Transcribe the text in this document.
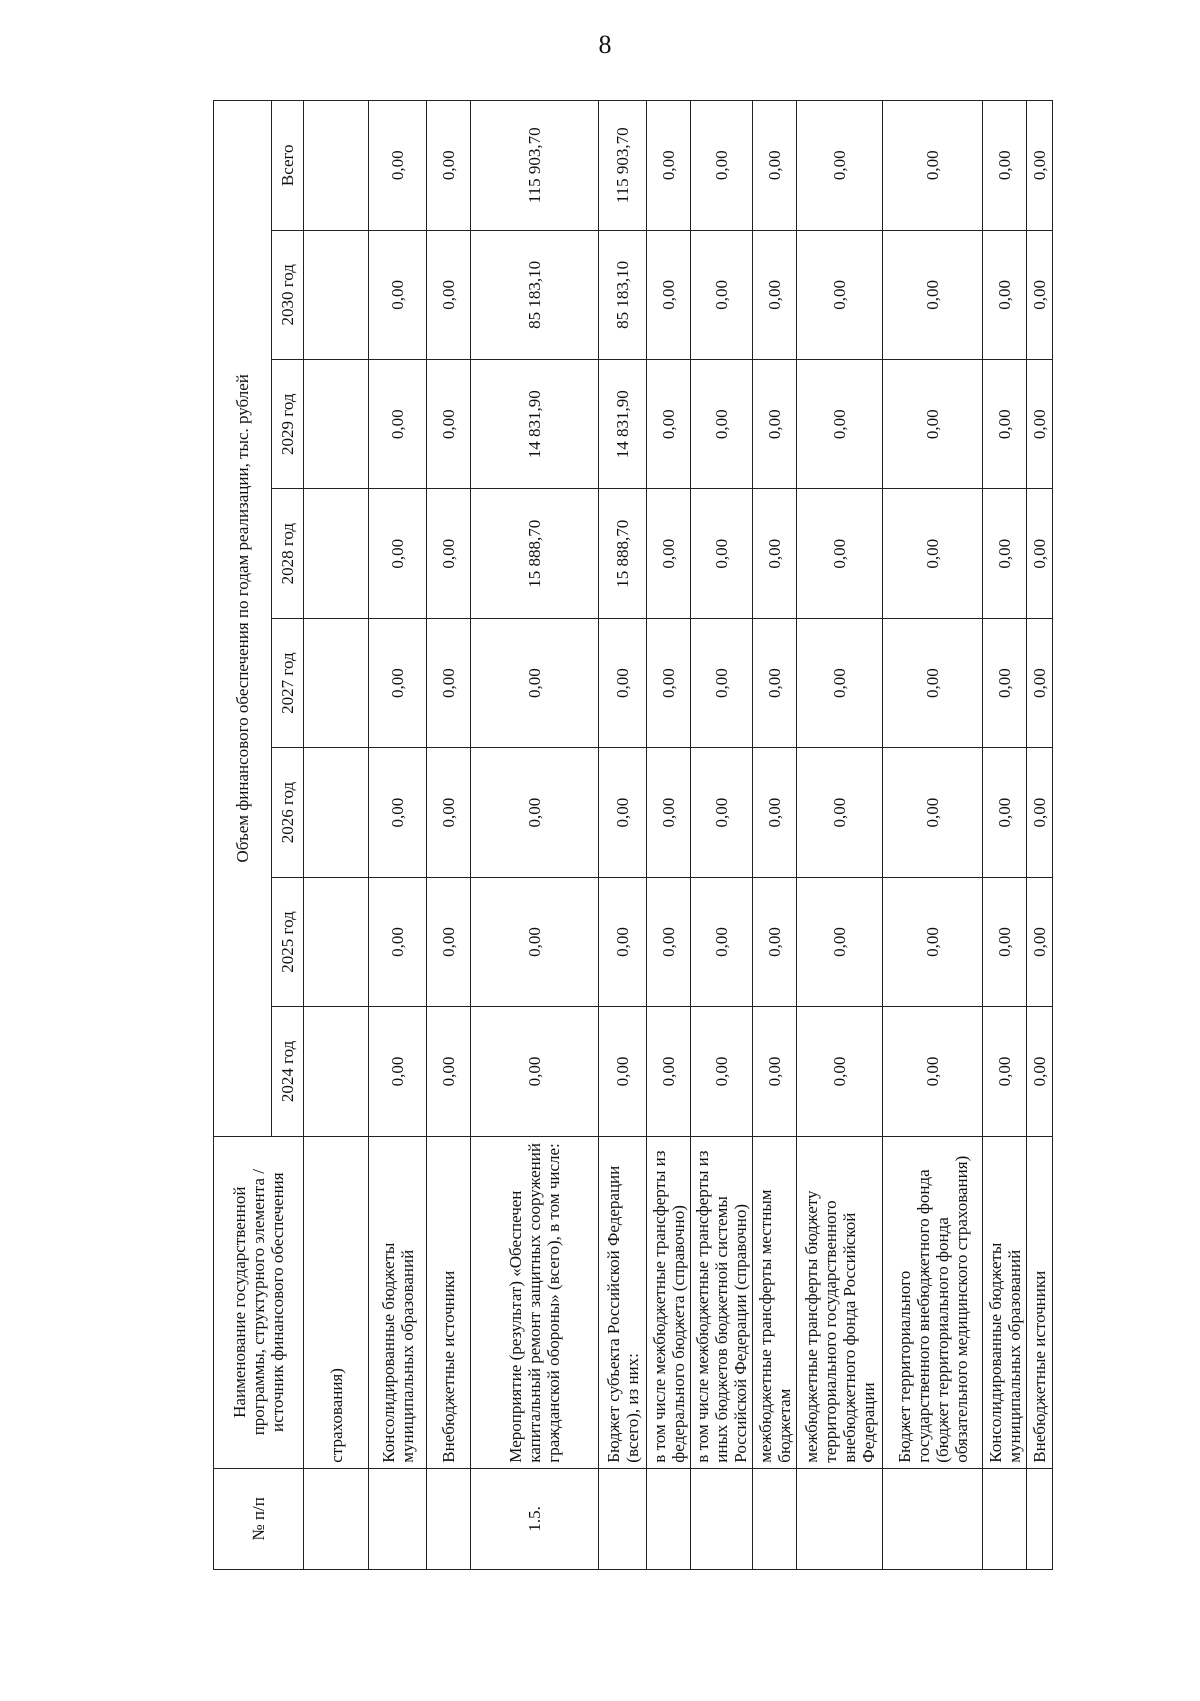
8
№ п/п	Наименование государственной программы, структурного элемента / источник финансового обеспечения	Объем финансового обеспечения по годам реализации, тыс. рублей							
		2024 год	2025 год	2026 год	2027 год	2028 год	2029 год	2030 год	Всего
	страхования)								
	Консолидированные бюджеты муниципальных образований	0,00	0,00	0,00	0,00	0,00	0,00	0,00	0,00
	Внебюджетные источники	0,00	0,00	0,00	0,00	0,00	0,00	0,00	0,00
1.5.	Мероприятие (результат) «Обеспечен капитальный ремонт защитных сооружений гражданской обороны» (всего), в том числе:	0,00	0,00	0,00	0,00	15 888,70	14 831,90	85 183,10	115 903,70
	Бюджет субъекта Российской Федерации (всего), из них:	0,00	0,00	0,00	0,00	15 888,70	14 831,90	85 183,10	115 903,70
	в том числе межбюджетные трансферты из федерального бюджета (справочно)	0,00	0,00	0,00	0,00	0,00	0,00	0,00	0,00
	в том числе межбюджетные трансферты из иных бюджетов бюджетной системы Российской Федерации (справочно)	0,00	0,00	0,00	0,00	0,00	0,00	0,00	0,00
	межбюджетные трансферты местным бюджетам	0,00	0,00	0,00	0,00	0,00	0,00	0,00	0,00
	межбюджетные трансферты бюджету территориального государственного внебюджетного фонда Российской Федерации	0,00	0,00	0,00	0,00	0,00	0,00	0,00	0,00
	Бюджет территориального государственного внебюджетного фонда (бюджет территориального фонда обязательного медицинского страхования)	0,00	0,00	0,00	0,00	0,00	0,00	0,00	0,00
	Консолидированные бюджеты муниципальных образований	0,00	0,00	0,00	0,00	0,00	0,00	0,00	0,00
	Внебюджетные источники	0,00	0,00	0,00	0,00	0,00	0,00	0,00	0,00
